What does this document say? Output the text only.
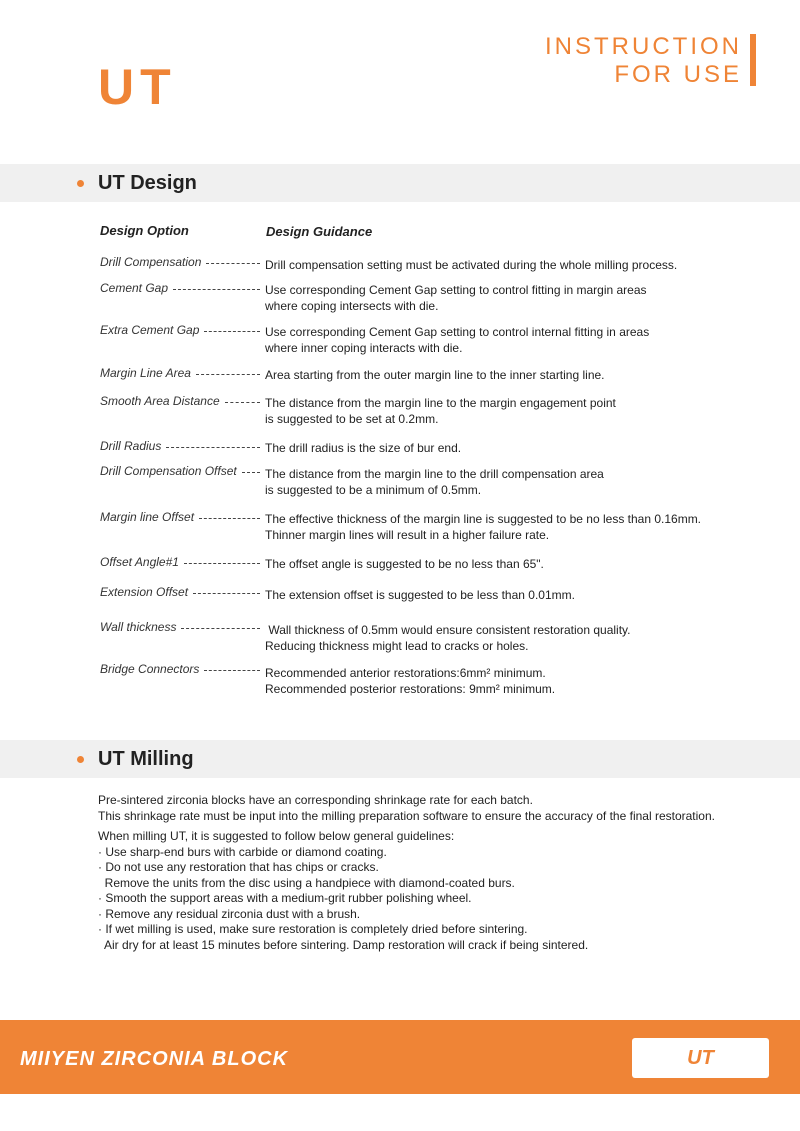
UT
INSTRUCTION
FOR USE
UT Design
Design Option	Design Guidance
Drill Compensation	Drill compensation setting must be activated during the whole milling process.
Cement Gap	Use corresponding Cement Gap setting to control fitting in margin areas
where coping intersects with die.
Extra Cement Gap	Use corresponding Cement Gap setting to control internal fitting in areas
where inner coping interacts with die.
Margin Line Area	Area starting from the outer margin line to the inner starting line.
Smooth Area Distance	The distance from the margin line to the margin engagement point
is suggested to be set at 0.2mm.
Drill Radius	The drill radius is the size of bur end.
Drill Compensation Offset	The distance from the margin line to the drill compensation area
is suggested to be a minimum of 0.5mm.
Margin line Offset	The effective thickness of the margin line is suggested to be no less than 0.16mm.
Thinner margin lines will result in a higher failure rate.
Offset Angle#1	The offset angle is suggested to be no less than 65".
Extension Offset	The extension offset is suggested to be less than 0.01mm.
Wall thickness	Wall thickness of 0.5mm would ensure consistent restoration quality.
Reducing thickness might lead to cracks or holes.
Bridge Connectors	Recommended anterior restorations:6mm² minimum.
Recommended posterior restorations: 9mm² minimum.
UT Milling
Pre-sintered zirconia blocks have an corresponding shrinkage rate for each batch.
This shrinkage rate must be input into the milling preparation software to ensure the accuracy of the final restoration.
When milling UT, it is suggested to follow below general guidelines:
· Use sharp-end burs with carbide or diamond coating.
· Do not use any restoration that has chips or cracks.
Remove the units from the disc using a handpiece with diamond-coated burs.
· Smooth the support areas with a medium-grit rubber polishing wheel.
· Remove any residual zirconia dust with a brush.
· If wet milling is used, make sure restoration is completely dried before sintering.
Air dry for at least 15 minutes before sintering. Damp restoration will crack if being sintered.
MIIYEN ZIRCONIA BLOCK	UT
